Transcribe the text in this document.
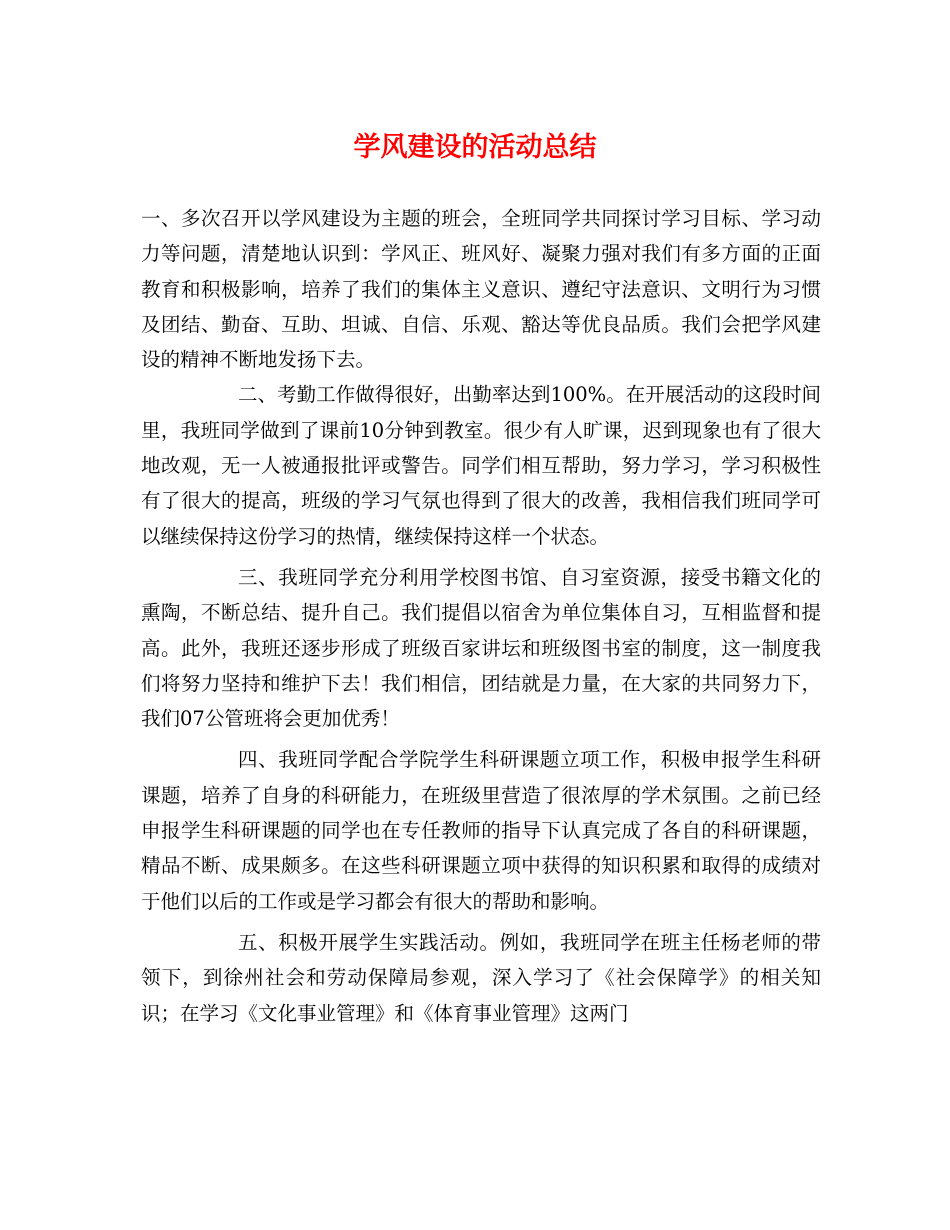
学风建设的活动总结

一、多次召开以学风建设为主题的班会，全班同学共同探讨学习目标、学习动力等问题，清楚地认识到：学风正、班风好、凝聚力强对我们有多方面的正面教育和积极影响，培养了我们的集体主义意识、遵纪守法意识、文明行为习惯及团结、勤奋、互助、坦诚、自信、乐观、豁达等优良品质。我们会把学风建设的精神不断地发扬下去。

二、考勤工作做得很好，出勤率达到100%。在开展活动的这段时间里，我班同学做到了课前10分钟到教室。很少有人旷课，迟到现象也有了很大地改观，无一人被通报批评或警告。同学们相互帮助，努力学习，学习积极性有了很大的提高，班级的学习气氛也得到了很大的改善，我相信我们班同学可以继续保持这份学习的热情，继续保持这样一个状态。

三、我班同学充分利用学校图书馆、自习室资源，接受书籍文化的熏陶，不断总结、提升自己。我们提倡以宿舍为单位集体自习，互相监督和提高。此外，我班还逐步形成了班级百家讲坛和班级图书室的制度，这一制度我们将努力坚持和维护下去！我们相信，团结就是力量，在大家的共同努力下，我们07公管班将会更加优秀！

四、我班同学配合学院学生科研课题立项工作，积极申报学生科研课题，培养了自身的科研能力，在班级里营造了很浓厚的学术氛围。之前已经申报学生科研课题的同学也在专任教师的指导下认真完成了各自的科研课题，精品不断、成果颇多。在这些科研课题立项中获得的知识积累和取得的成绩对于他们以后的工作或是学习都会有很大的帮助和影响。

五、积极开展学生实践活动。例如，我班同学在班主任杨老师的带领下，到徐州社会和劳动保障局参观，深入学习了《社会保障学》的相关知识；在学习《文化事业管理》和《体育事业管理》这两门
